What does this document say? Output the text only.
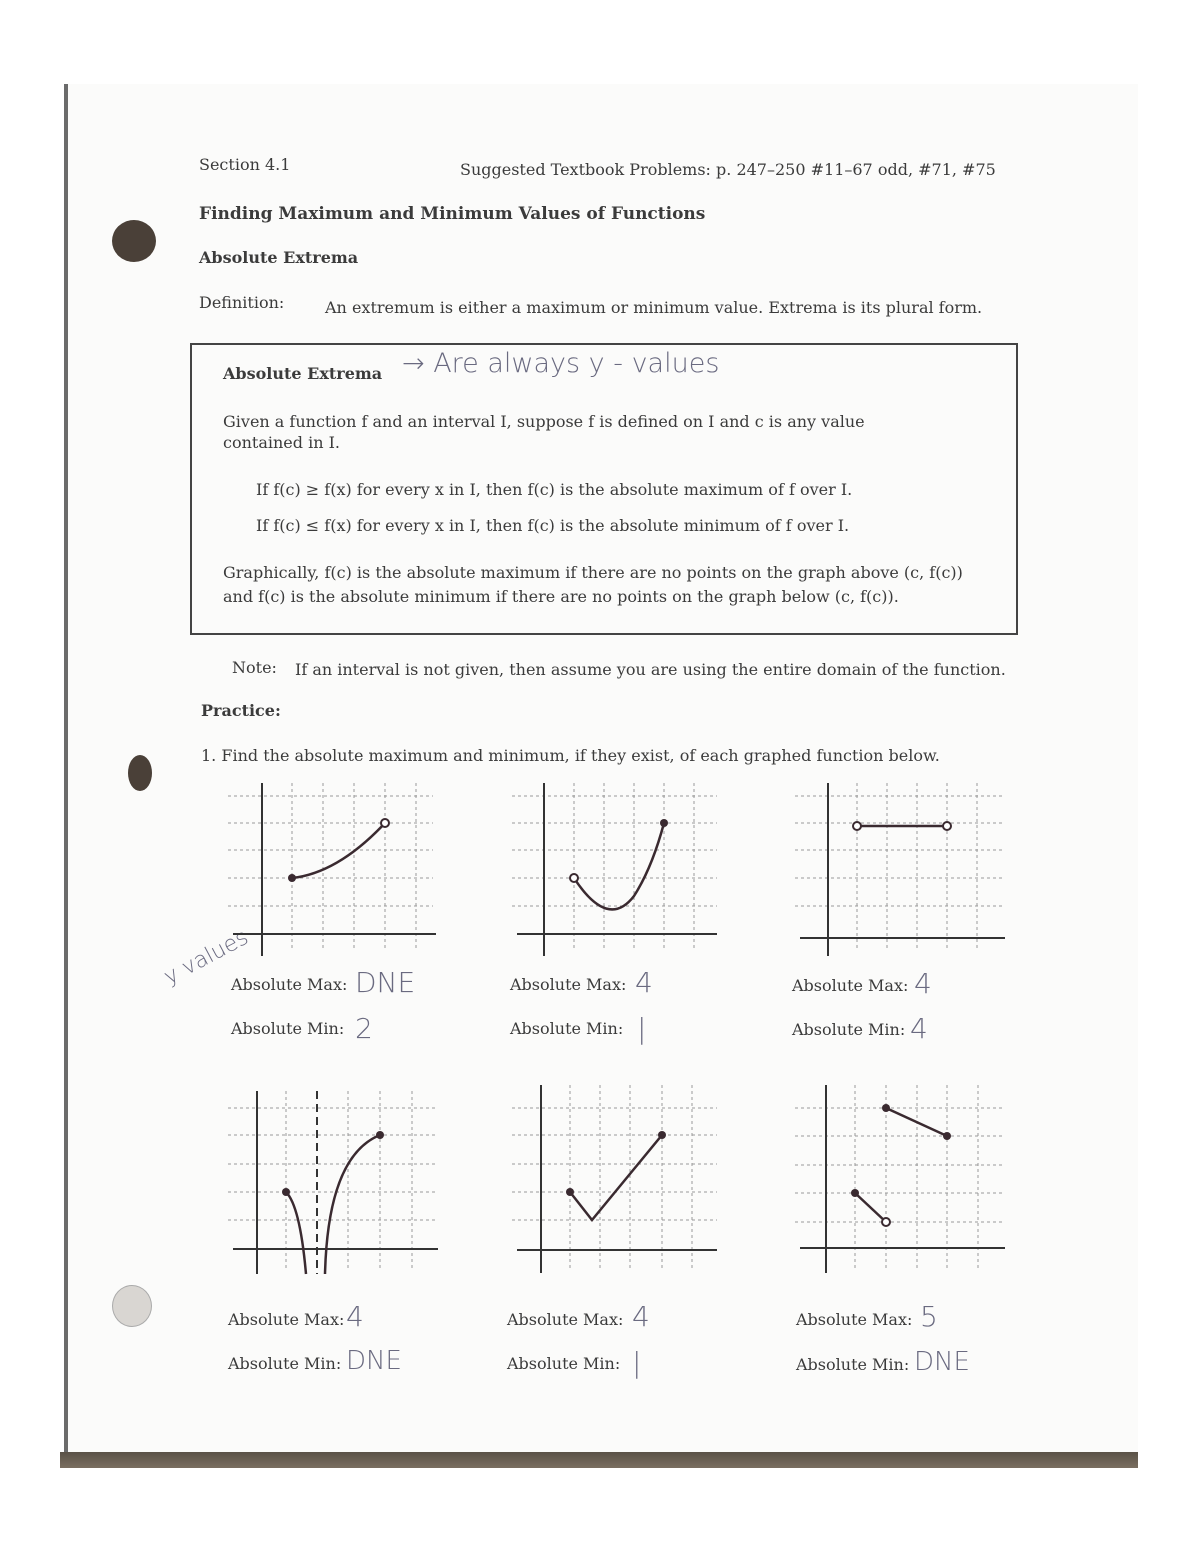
Section 4.1	Suggested Textbook Problems: p. 247–250 #11–67 odd, #71, #75
Finding Maximum and Minimum Values of Functions
Absolute Extrema
Definition:	An extremum is either a maximum or minimum value. Extrema is its plural form.
Absolute Extrema → Are always y - values
Given a function f and an interval I, suppose f is defined on I and c is any value
contained in I.
If f(c) ≥ f(x) for every x in I, then f(c) is the absolute maximum of f over I.
If f(c) ≤ f(x) for every x in I, then f(c) is the absolute minimum of f over I.
Graphically, f(c) is the absolute maximum if there are no points on the graph above (c, f(c))
and f(c) is the absolute minimum if there are no points on the graph below (c, f(c)).
Note: If an interval is not given, then assume you are using the entire domain of the function.
Practice:
1. Find the absolute maximum and minimum, if they exist, of each graphed function below.
y values
Absolute Max: DNE
Absolute Min: 2
Absolute Max: 4
Absolute Min: |
Absolute Max: 4
Absolute Min: 4
Absolute Max: 4
Absolute Min: DNE
Absolute Max: 4
Absolute Min: |
Absolute Max: 5
Absolute Min: DNE
